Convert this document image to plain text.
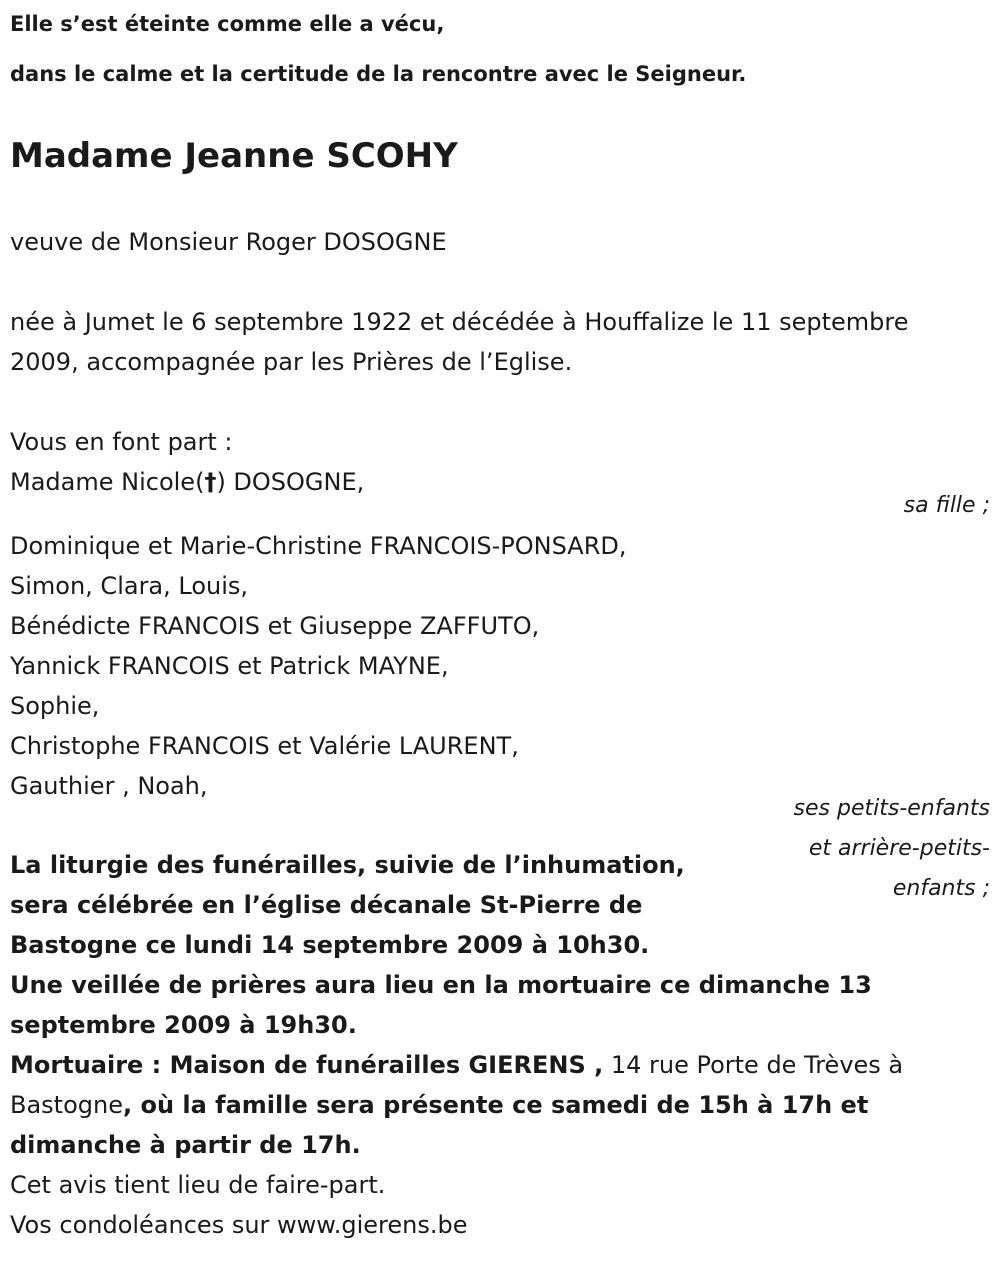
Elle s’est éteinte comme elle a vécu,
dans le calme et la certitude de la rencontre avec le Seigneur.
Madame Jeanne SCOHY
veuve de Monsieur Roger DOSOGNE
née à Jumet le 6 septembre 1922 et décédée à Houffalize le 11 septembre
2009, accompagnée par les Prières de l’Eglise.
Vous en font part :
Madame Nicole(†) DOSOGNE,
sa fille ;
Dominique et Marie-Christine FRANCOIS-PONSARD,
Simon, Clara, Louis,
Bénédicte FRANCOIS et Giuseppe ZAFFUTO,
Yannick FRANCOIS et Patrick MAYNE,
Sophie,
Christophe FRANCOIS et Valérie LAURENT,
Gauthier , Noah,
ses petits-enfants
et arrière-petits-
enfants ;
La liturgie des funérailles, suivie de l’inhumation,
sera célébrée en l’église décanale St-Pierre de
Bastogne ce lundi 14 septembre 2009 à 10h30.
Une veillée de prières aura lieu en la mortuaire ce dimanche 13
septembre 2009 à 19h30.
Mortuaire : Maison de funérailles GIERENS , 14 rue Porte de Trèves à
Bastogne, où la famille sera présente ce samedi de 15h à 17h et
dimanche à partir de 17h.
Cet avis tient lieu de faire-part.
Vos condoléances sur www.gierens.be
